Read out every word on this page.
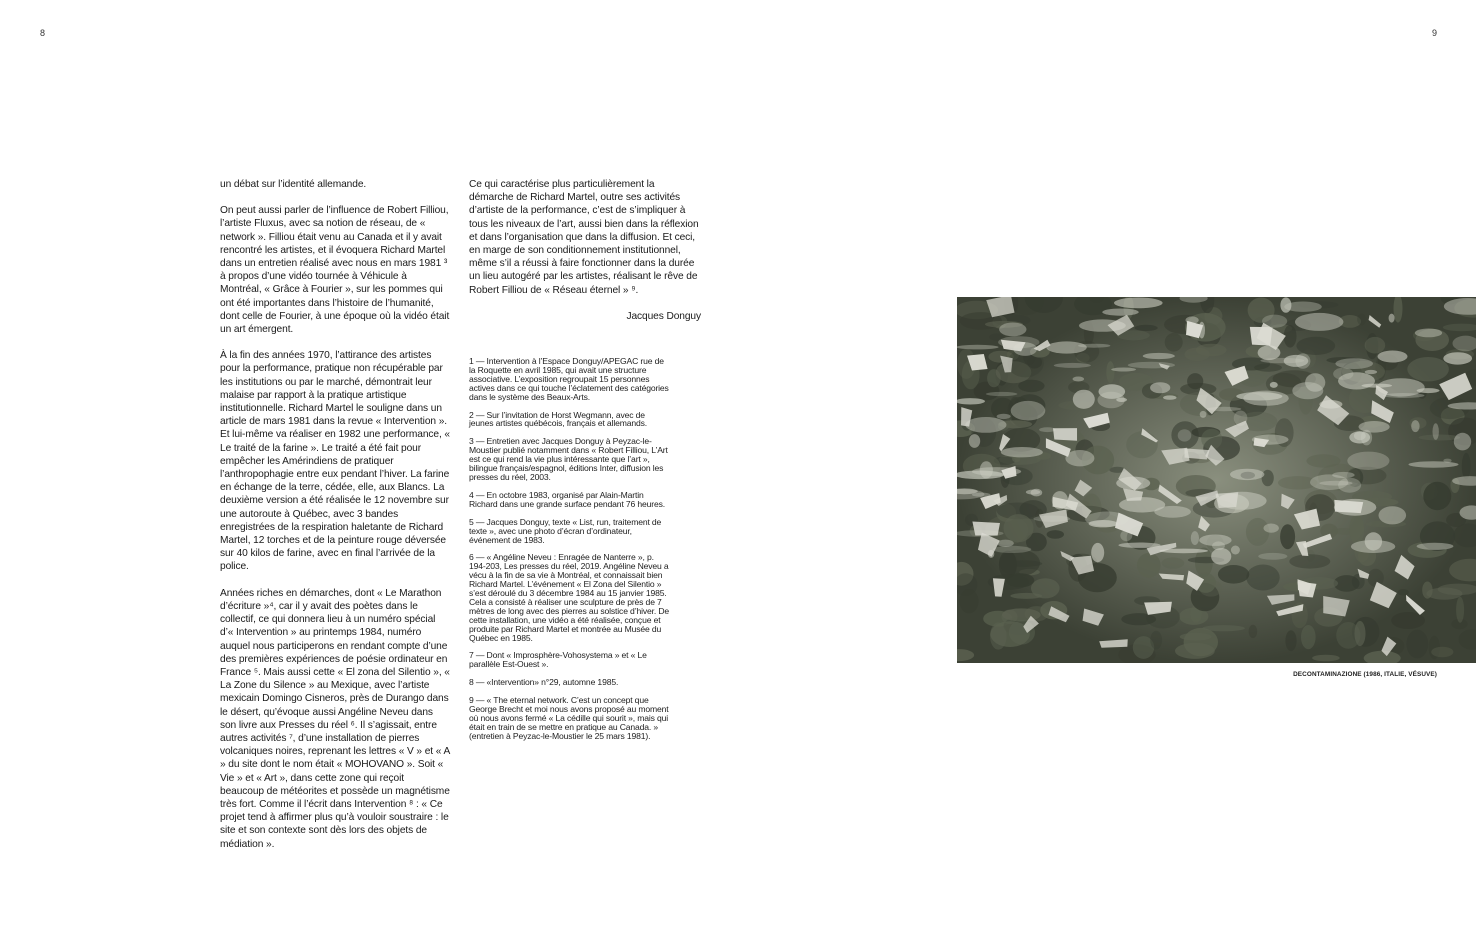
8	9

un débat sur l’identité allemande.

On peut aussi parler de l’influence de Robert Filliou, l’artiste Fluxus, avec sa notion de réseau, de « network ». Filliou était venu au Canada et il y avait rencontré les artistes, et il évoquera Richard Martel dans un entretien réalisé avec nous en mars 1981 ³ à propos d’une vidéo tournée à Véhicule à Montréal, « Grâce à Fourier », sur les pommes qui ont été importantes dans l’histoire de l’humanité, dont celle de Fourier, à une époque où la vidéo était un art émergent.

À la fin des années 1970, l’attirance des artistes pour la performance, pratique non récupérable par les institutions ou par le marché, démontrait leur malaise par rapport à la pratique artistique institutionnelle. Richard Martel le souligne dans un article de mars 1981 dans la revue « Intervention ». Et lui-même va réaliser en 1982 une performance, « Le traité de la farine ». Le traité a été fait pour empêcher les Amérindiens de pratiquer l’anthropophagie entre eux pendant l’hiver. La farine en échange de la terre, cédée, elle, aux Blancs. La deuxième version a été réalisée le 12 novembre sur une autoroute à Québec, avec 3 bandes enregistrées de la respiration haletante de Richard Martel, 12 torches et de la peinture rouge déversée sur 40 kilos de farine, avec en final l’arrivée de la police.

Années riches en démarches, dont « Le Marathon d’écriture »⁴, car il y avait des poètes dans le collectif, ce qui donnera lieu à un numéro spécial d’« Intervention » au printemps 1984, numéro auquel nous participerons en rendant compte d’une des premières expériences de poésie ordinateur en France ⁵. Mais aussi cette « El zona del Silentio », « La Zone du Silence » au Mexique, avec l’artiste mexicain Domingo Cisneros, près de Durango dans le désert, qu’évoque aussi Angéline Neveu dans son livre aux Presses du réel ⁶. Il s’agissait, entre autres activités ⁷, d’une installation de pierres volcaniques noires, reprenant les lettres « V » et « A » du site dont le nom était « MOHOVANO ». Soit « Vie » et « Art », dans cette zone qui reçoit beaucoup de météorites et possède un magnétisme très fort. Comme il l’écrit dans Intervention ⁸ : « Ce projet tend à affirmer plus qu’à vouloir soustraire : le site et son contexte sont dès lors des objets de médiation ».

Ce qui caractérise plus particulièrement la démarche de Richard Martel, outre ses activités d’artiste de la performance, c’est de s’impliquer à tous les niveaux de l’art, aussi bien dans la réflexion et dans l’organisation que dans la diffusion. Et ceci, en marge de son conditionnement institutionnel, même s’il a réussi à faire fonctionner dans la durée un lieu autogéré par les artistes, réalisant le rêve de Robert Filliou de « Réseau éternel » ⁹.

Jacques Donguy

1 — Intervention à l’Espace Donguy/APEGAC rue de la Roquette en avril 1985, qui avait une structure associative. L’exposition regroupait 15 personnes actives dans ce qui touche l’éclatement des catégories dans le système des Beaux-Arts.

2 — Sur l’invitation de Horst Wegmann, avec de jeunes artistes québécois, français et allemands.

3 — Entretien avec Jacques Donguy à Peyzac-le-Moustier publié notamment dans « Robert Filliou, L’Art est ce qui rend la vie plus intéressante que l’art », bilingue français/espagnol, éditions Inter, diffusion les presses du réel, 2003.

4 — En octobre 1983, organisé par Alain-Martin Richard dans une grande surface pendant 76 heures.

5 — Jacques Donguy, texte « List, run, traitement de texte », avec une photo d’écran d’ordinateur, événement de 1983.

6 — « Angéline Neveu : Enragée de Nanterre », p. 194-203, Les presses du réel, 2019. Angéline Neveu a vécu à la fin de sa vie à Montréal, et connaissait bien Richard Martel. L’événement « El Zona del Silentio » s’est déroulé du 3 décembre 1984 au 15 janvier 1985. Cela a consisté à réaliser une sculpture de près de 7 mètres de long avec des pierres au solstice d’hiver. De cette installation, une vidéo a été réalisée, conçue et produite par Richard Martel et montrée au Musée du Québec en 1985.

7 — Dont « Improsphère-Vohosystema » et « Le parallèle Est-Ouest ».

8 — «Intervention» n°29, automne 1985.

9 — « The eternal network. C’est un concept que George Brecht et moi nous avons proposé au moment où nous avons fermé « La cédille qui sourit », mais qui était en train de se mettre en pratique au Canada. » (entretien à Peyzac-le-Moustier le 25 mars 1981).

DECONTAMINAZIONE (1986, ITALIE, VÉSUVE)
